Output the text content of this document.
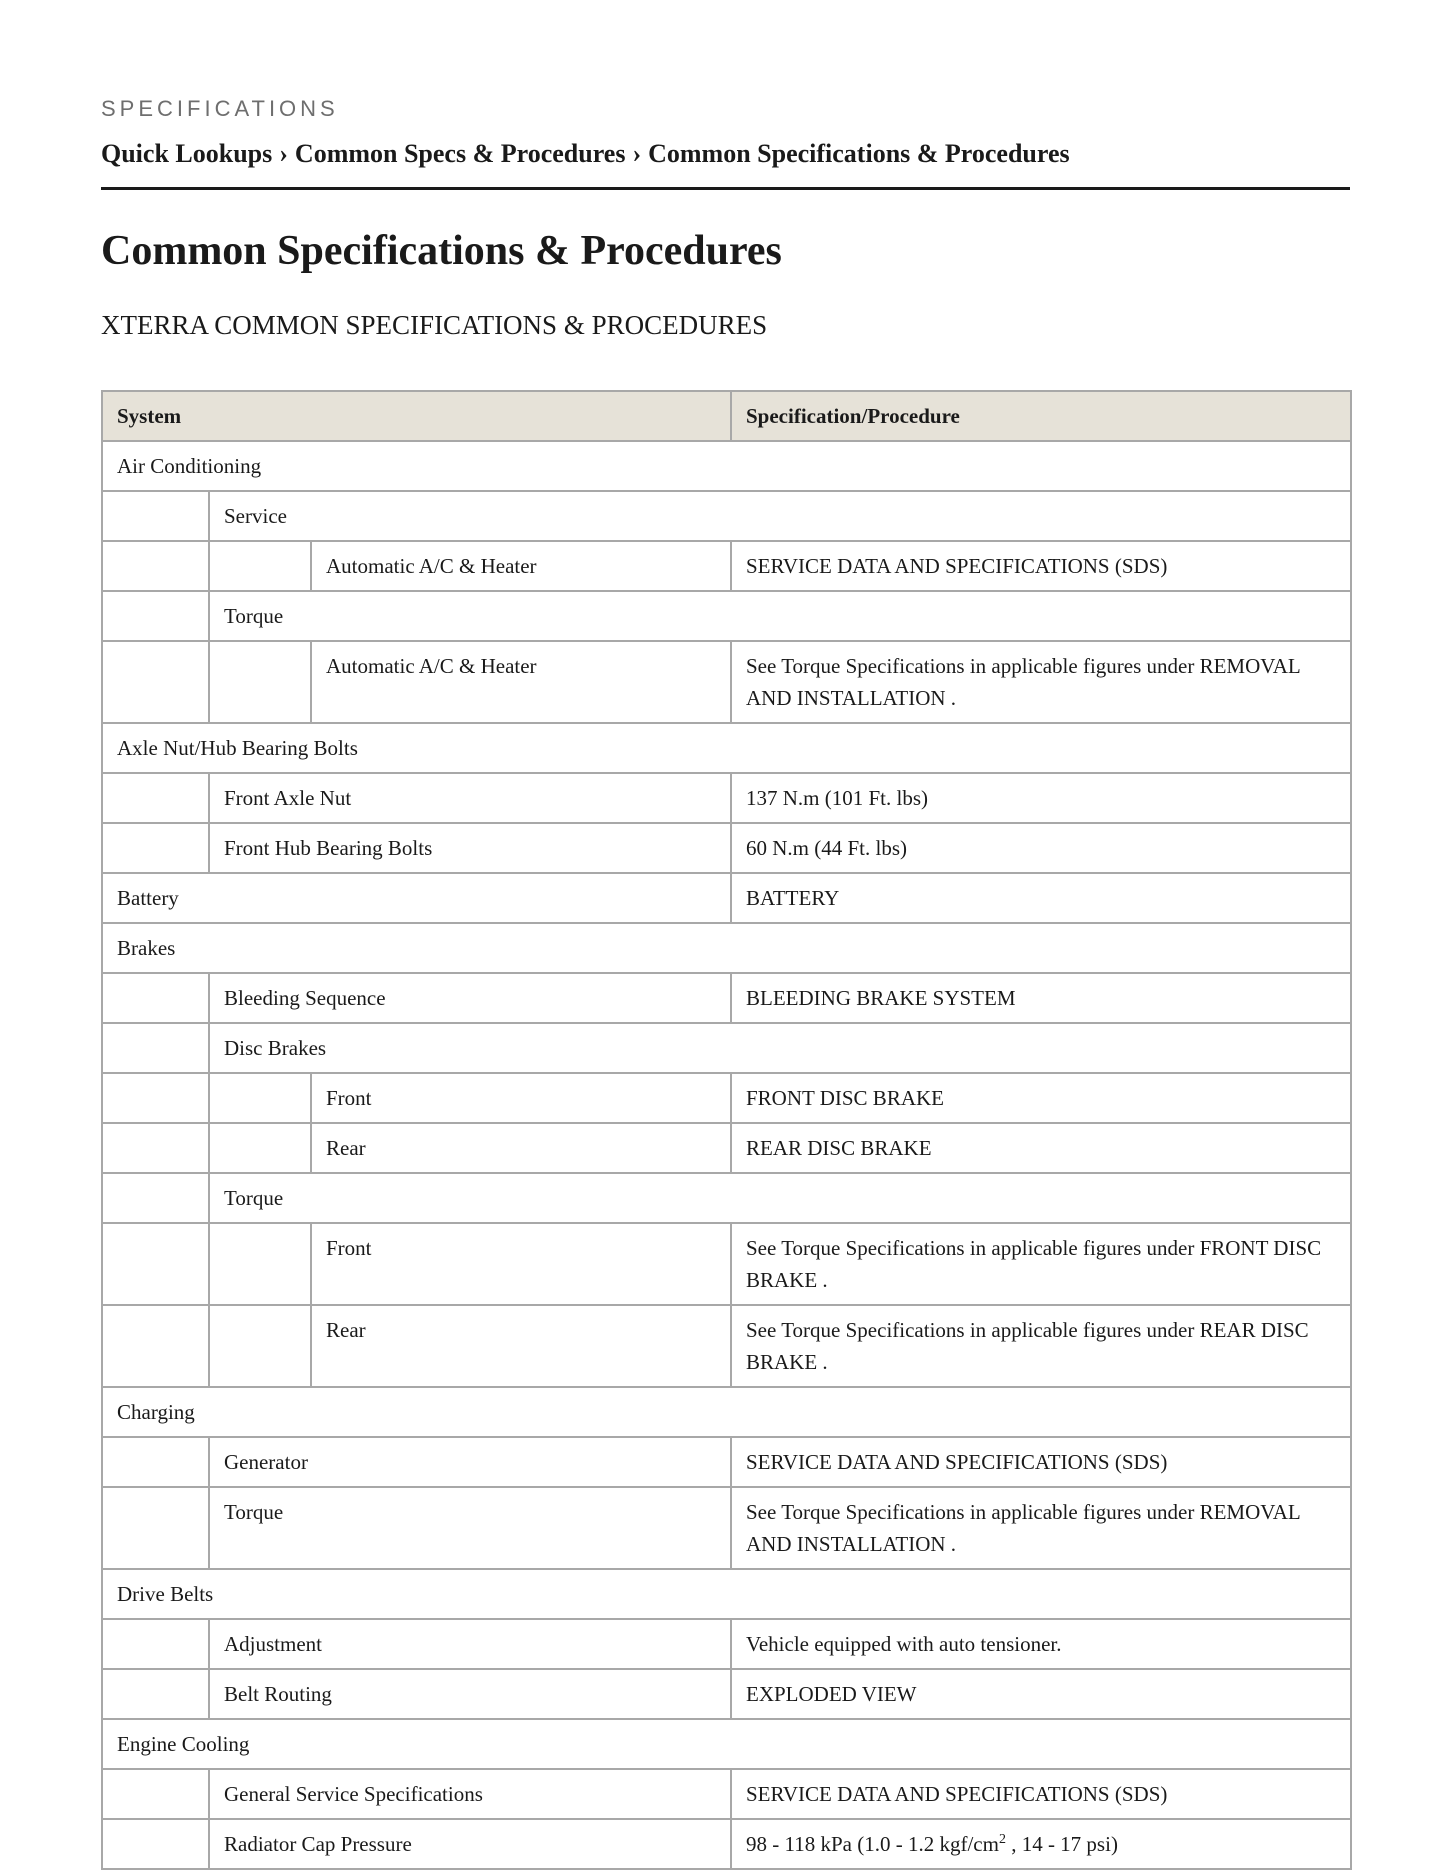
SPECIFICATIONS
Quick Lookups › Common Specs & Procedures › Common Specifications & Procedures
Common Specifications & Procedures
XTERRA COMMON SPECIFICATIONS & PROCEDURES
System			Specification/Procedure
Air Conditioning			
	Service		
		Automatic A/C & Heater	SERVICE DATA AND SPECIFICATIONS (SDS)
	Torque		
		Automatic A/C & Heater	See Torque Specifications in applicable figures under REMOVAL AND INSTALLATION .
Axle Nut/Hub Bearing Bolts			
	Front Axle Nut		137 N.m (101 Ft. lbs)
	Front Hub Bearing Bolts		60 N.m (44 Ft. lbs)
Battery			BATTERY
Brakes			
	Bleeding Sequence		BLEEDING BRAKE SYSTEM
	Disc Brakes		
		Front	FRONT DISC BRAKE
		Rear	REAR DISC BRAKE
	Torque		
		Front	See Torque Specifications in applicable figures under FRONT DISC BRAKE .
		Rear	See Torque Specifications in applicable figures under REAR DISC BRAKE .
Charging			
	Generator		SERVICE DATA AND SPECIFICATIONS (SDS)
	Torque		See Torque Specifications in applicable figures under REMOVAL AND INSTALLATION .
Drive Belts			
	Adjustment		Vehicle equipped with auto tensioner.
	Belt Routing		EXPLODED VIEW
Engine Cooling			
	General Service Specifications		SERVICE DATA AND SPECIFICATIONS (SDS)
	Radiator Cap Pressure		98 - 118 kPa (1.0 - 1.2 kgf/$cm^2$ , 14 - 17 psi)
